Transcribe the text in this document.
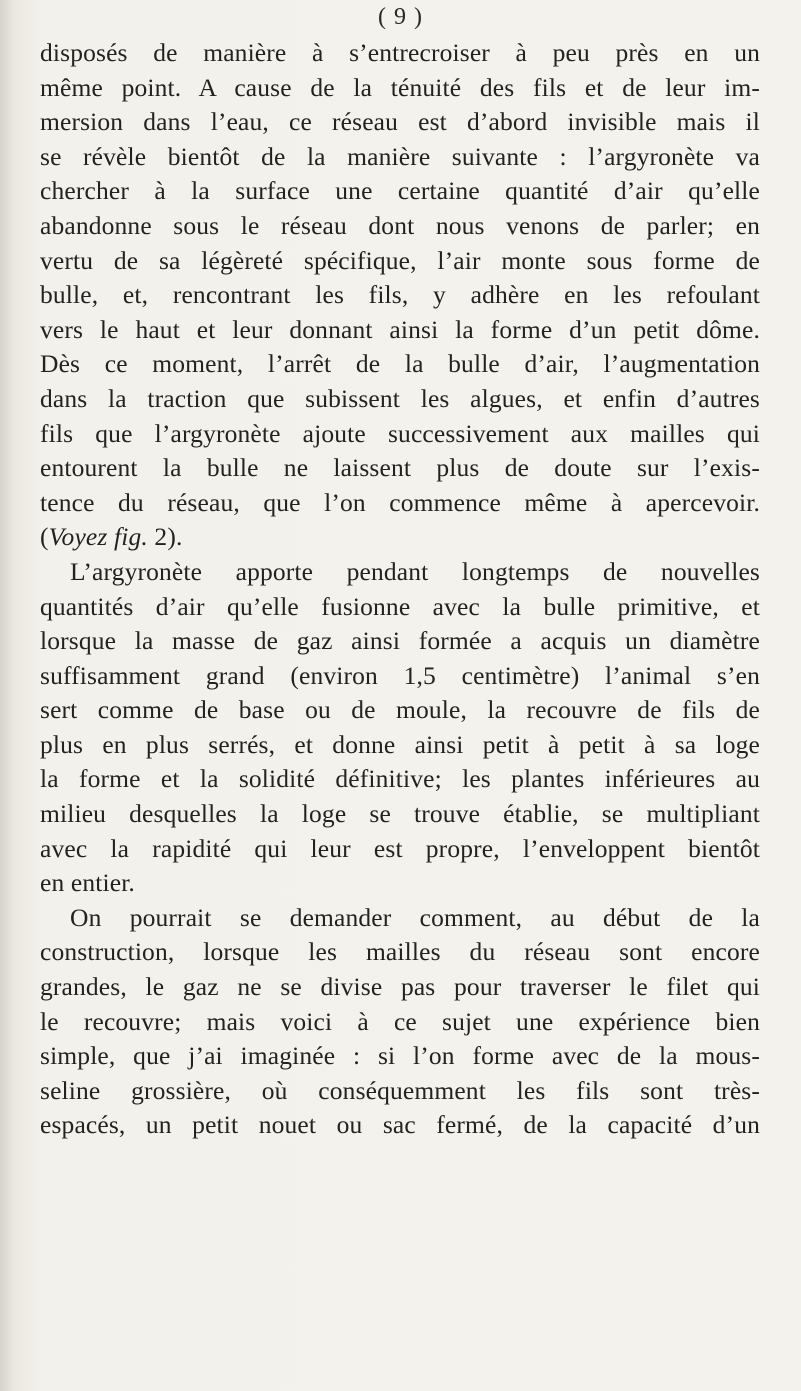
( 9 )
disposés de manière à s’entrecroiser à peu près en un
même point. A cause de la ténuité des fils et de leur im-
mersion dans l’eau, ce réseau est d’abord invisible mais il
se révèle bientôt de la manière suivante : l’argyronète va
chercher à la surface une certaine quantité d’air qu’elle
abandonne sous le réseau dont nous venons de parler; en
vertu de sa légèreté spécifique, l’air monte sous forme de
bulle, et, rencontrant les fils, y adhère en les refoulant
vers le haut et leur donnant ainsi la forme d’un petit dôme.
Dès ce moment, l’arrêt de la bulle d’air, l’augmentation
dans la traction que subissent les algues, et enfin d’autres
fils que l’argyronète ajoute successivement aux mailles qui
entourent la bulle ne laissent plus de doute sur l’exis-
tence du réseau, que l’on commence même à apercevoir.
(Voyez fig. 2).
L’argyronète apporte pendant longtemps de nouvelles
quantités d’air qu’elle fusionne avec la bulle primitive, et
lorsque la masse de gaz ainsi formée a acquis un diamètre
suffisamment grand (environ 1,5 centimètre) l’animal s’en
sert comme de base ou de moule, la recouvre de fils de
plus en plus serrés, et donne ainsi petit à petit à sa loge
la forme et la solidité définitive; les plantes inférieures au
milieu desquelles la loge se trouve établie, se multipliant
avec la rapidité qui leur est propre, l’enveloppent bientôt
en entier.
On pourrait se demander comment, au début de la
construction, lorsque les mailles du réseau sont encore
grandes, le gaz ne se divise pas pour traverser le filet qui
le recouvre; mais voici à ce sujet une expérience bien
simple, que j’ai imaginée : si l’on forme avec de la mous-
seline grossière, où conséquemment les fils sont très-
espacés, un petit nouet ou sac fermé, de la capacité d’un
